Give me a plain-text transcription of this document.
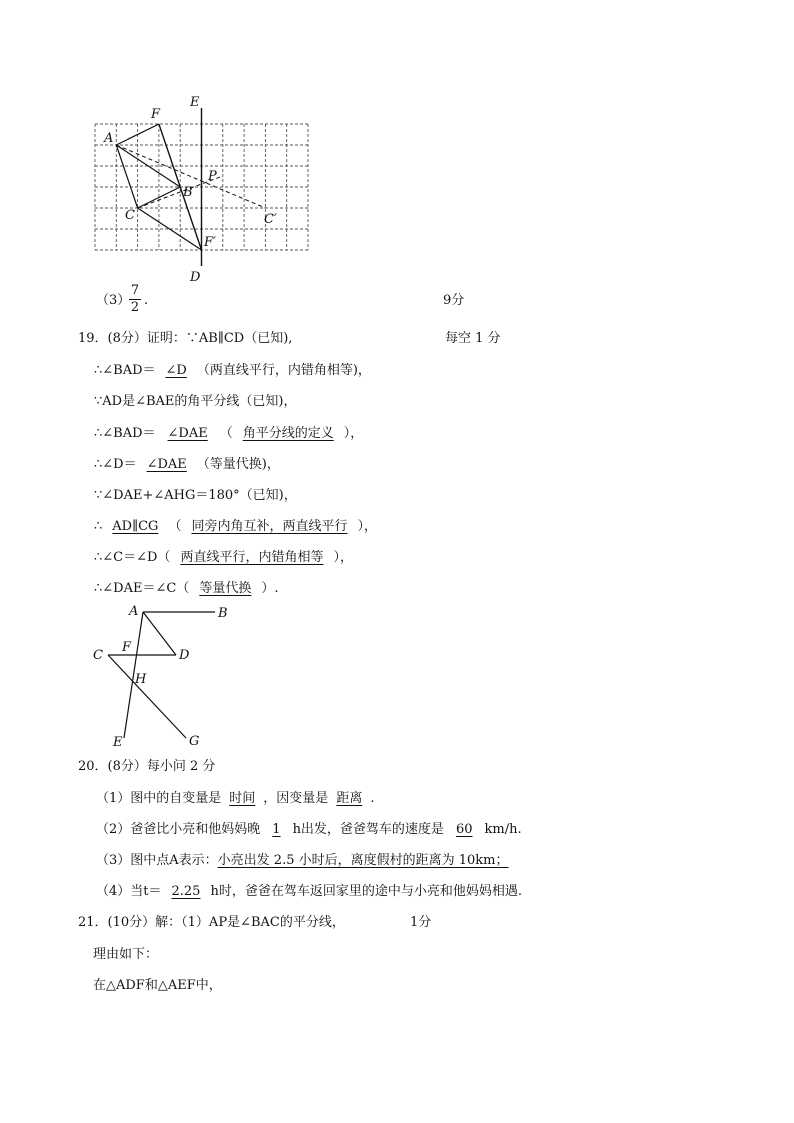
E
F
A
P
B
C	C′
F′
D
（3）
$\frac{7}{2}$ .	9分
19．(8分）证明：∵AB∥CD（已知),	每空 1 分
∴∠BAD＝ ∠D （两直线平行，内错角相等)，
∵AD是∠BAE的角平分线（已知)，
∴∠BAD＝ ∠DAE （ 角平分线的定义 ），
∴∠D＝ ∠DAE （等量代换)，
∵∠DAE+∠AHG＝180°（已知)，
∴ AD∥CG （ 同旁内角互补，两直线平行 ），
∴∠C＝∠D（ 两直线平行，内错角相等 ），
∴∠DAE＝∠C（ 等量代换 ）.
A	B
C
F
D
H
E	G
20．(8分）每小问 2 分
（1）图中的自变量是 时间 ，因变量是 距离 .
（2）爸爸比小亮和他妈妈晚 1 h出发，爸爸驾车的速度是 60 km/h.
（3）图中点A表示：小亮出发 2.5 小时后，离度假村的距离为 10km；
（4）当t＝ 2.25 h时，爸爸在驾车返回家里的途中与小亮和他妈妈相遇.
21．(10分）解：（1）AP是∠BAC的平分线，	1分
理由如下：
在△ADF和△AEF中，
